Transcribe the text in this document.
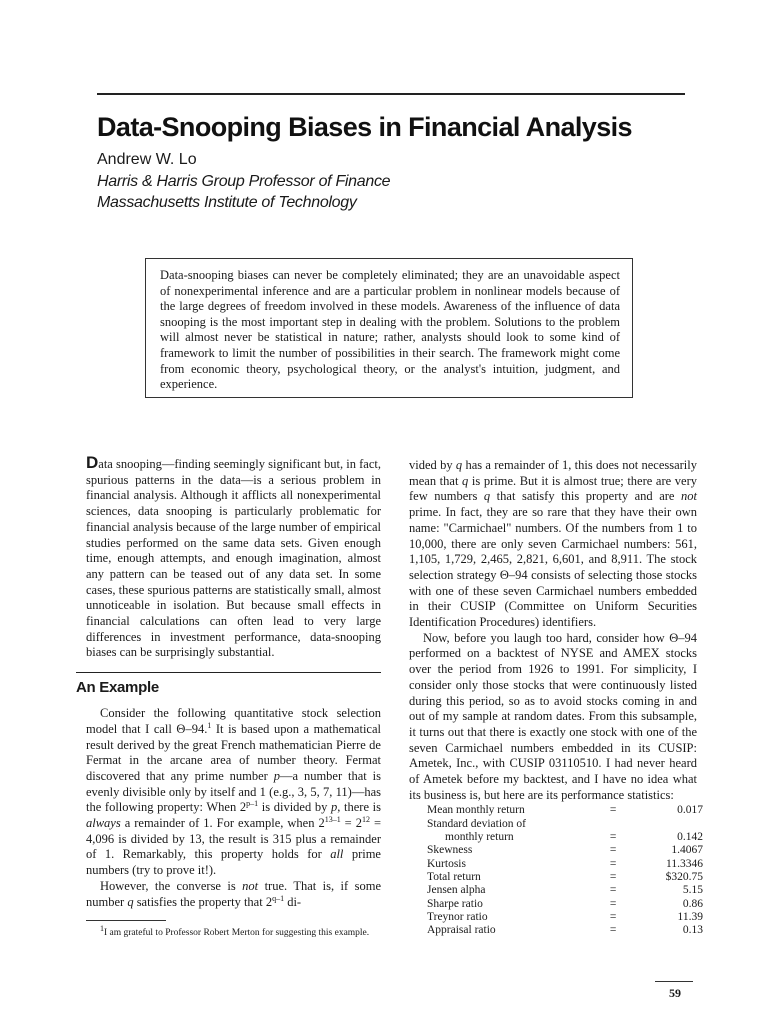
Data-Snooping Biases in Financial Analysis
Andrew W. Lo
Harris & Harris Group Professor of Finance
Massachusetts Institute of Technology
Data-snooping biases can never be completely eliminated; they are an unavoidable aspect of nonexperimental inference and are a particular problem in nonlinear models because of the large degrees of freedom involved in these models. Awareness of the influence of data snooping is the most important step in dealing with the problem. Solutions to the problem will almost never be statistical in nature; rather, analysts should look to some kind of framework to limit the number of possibilities in their search. The framework might come from economic theory, psychological theory, or the analyst's intuition, judgment, and experience.

Data snooping—finding seemingly significant but, in fact, spurious patterns in the data—is a serious problem in financial analysis. Although it afflicts all nonexperimental sciences, data snooping is particularly problematic for financial analysis because of the large number of empirical studies performed on the same data sets. Given enough time, enough attempts, and enough imagination, almost any pattern can be teased out of any data set. In some cases, these spurious patterns are statistically small, almost unnoticeable in isolation. But because small effects in financial calculations can often lead to very large differences in investment performance, data-snooping biases can be surprisingly substantial.

An Example

Consider the following quantitative stock selection model that I call Θ–94.$^1$ It is based upon a mathematical result derived by the great French mathematician Pierre de Fermat in the arcane area of number theory. Fermat discovered that any prime number p—a number that is evenly divisible only by itself and 1 (e.g., 3, 5, 7, 11)—has the following property: When 2$^{p-1}$ is divided by p, there is always a remainder of 1. For example, when $2^{13-1} = 2^{12} = 4,096$ is divided by 13, the result is 315 plus a remainder of 1. Remarkably, this property holds for all prime numbers (try to prove it!).

However, the converse is not true. That is, if some number q satisfies the property that 2$^{q-1}$ di-

$^1$I am grateful to Professor Robert Merton for suggesting this example.

vided by q has a remainder of 1, this does not necessarily mean that q is prime. But it is almost true; there are very few numbers q that satisfy this property and are not prime. In fact, they are so rare that they have their own name: "Carmichael" numbers. Of the numbers from 1 to 10,000, there are only seven Carmichael numbers: 561, 1,105, 1,729, 2,465, 2,821, 6,601, and 8,911. The stock selection strategy Θ–94 consists of selecting those stocks with one of these seven Carmichael numbers embedded in their CUSIP (Committee on Uniform Securities Identification Procedures) identifiers.

Now, before you laugh too hard, consider how Θ–94 performed on a backtest of NYSE and AMEX stocks over the period from 1926 to 1991. For simplicity, I consider only those stocks that were continuously listed during this period, so as to avoid stocks coming in and out of my sample at random dates. From this subsample, it turns out that there is exactly one stock with one of the seven Carmichael numbers embedded in its CUSIP: Ametek, Inc., with CUSIP 03110510. I had never heard of Ametek before my backtest, and I have no idea what its business is, but here are its performance statistics:

Mean monthly return	=	0.017
Standard deviation of		
monthly return	=	0.142
Skewness	=	1.4067
Kurtosis	=	11.3346
Total return	=	$320.75
Jensen alpha	=	5.15
Sharpe ratio	=	0.86
Treynor ratio	=	11.39
Appraisal ratio	=	0.13
59
